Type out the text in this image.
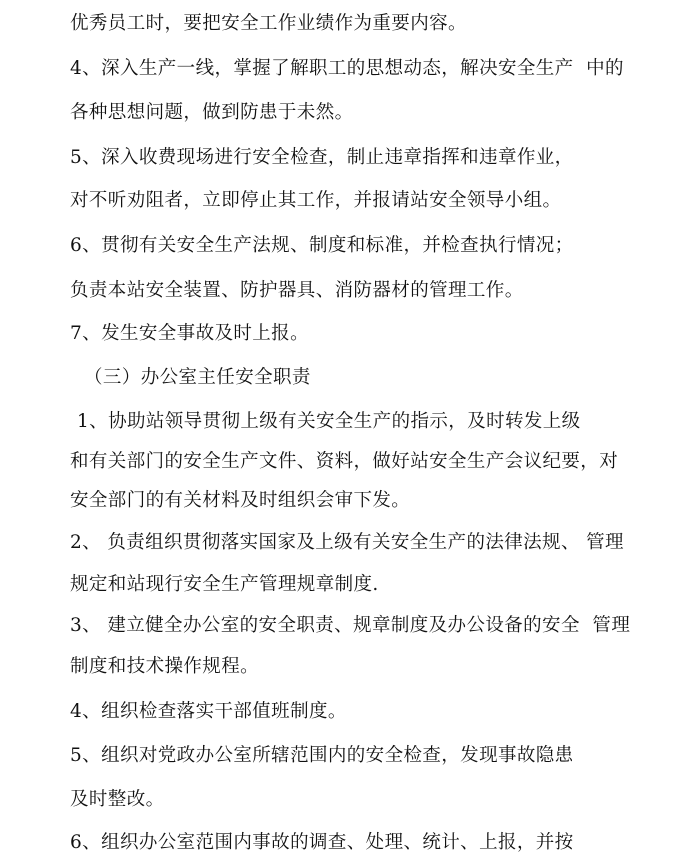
优秀员工时，要把安全工作业绩作为重要内容。
4、深入生产一线，掌握了解职工的思想动态，解决安全生产  中的
各种思想问题，做到防患于未然。
5、深入收费现场进行安全检查，制止违章指挥和违章作业，
对不听劝阻者，立即停止其工作，并报请站安全领导小组。
6、贯彻有关安全生产法规、制度和标准，并检查执行情况；
负责本站安全装置、防护器具、消防器材的管理工作。
7、发生安全事故及时上报。
（三）办公室主任安全职责
1、协助站领导贯彻上级有关安全生产的指示，及时转发上级
和有关部门的安全生产文件、资料，做好站安全生产会议纪要，对
安全部门的有关材料及时组织会审下发。
2、 负责组织贯彻落实国家及上级有关安全生产的法律法规、 管理
规定和站现行安全生产管理规章制度.
3、 建立健全办公室的安全职责、规章制度及办公设备的安全  管理
制度和技术操作规程。
4、组织检查落实干部值班制度。
5、组织对党政办公室所辖范围内的安全检查，发现事故隐患
及时整改。
6、组织办公室范围内事故的调查、处理、统计、上报，并按
